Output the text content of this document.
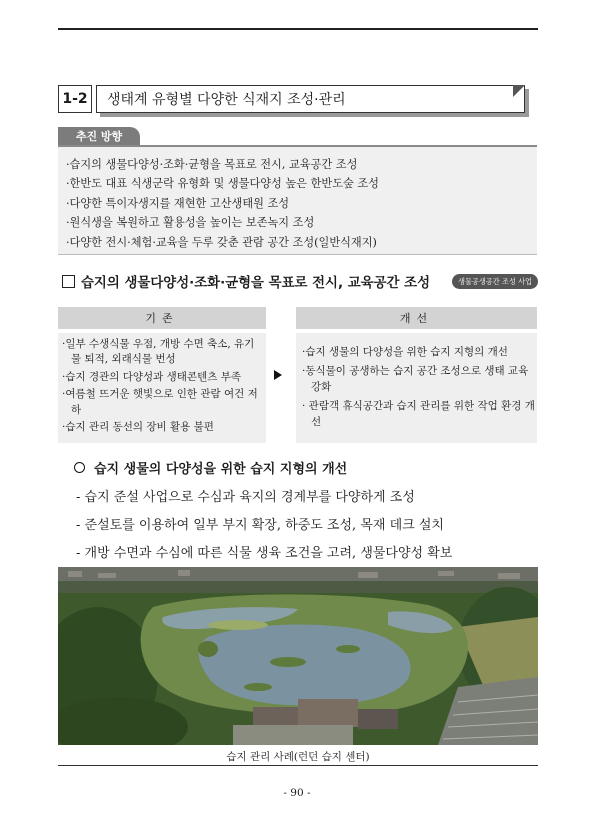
1-2	생태계 유형별 다양한 식재지 조성·관리
추진 방향
·습지의 생물다양성·조화·균형을 목표로 전시, 교육공간 조성
·한반도 대표 식생군락 유형화 및 생물다양성 높은 한반도숲 조성
·다양한 특이자생지를 재현한 고산생태원 조성
·원식생을 복원하고 활용성을 높이는 보존녹지 조성
·다양한 전시·체험·교육을 두루 갖춘 관람 공간 조성(일반식재지)
습지의 생물다양성·조화·균형을 목표로 전시, 교육공간 조성	생물공생공간 조성 사업
기존	개선
·일부 수생식물 우점, 개방 수면 축소, 유기물 퇴적, 외래식물 번성
·습지 경관의 다양성과 생태콘텐츠 부족
·여름철 뜨거운 햇빛으로 인한 관람 여건 저하
·습지 관리 동선의 장비 활용 불편
·습지 생물의 다양성을 위한 습지 지형의 개선
·동식물이 공생하는 습지 공간 조성으로 생태 교육 강화
· 관람객 휴식공간과 습지 관리를 위한 작업 환경 개선
습지 생물의 다양성을 위한 습지 지형의 개선
- 습지 준설 사업으로 수심과 육지의 경계부를 다양하게 조성
- 준설토를 이용하여 일부 부지 확장, 하중도 조성, 목재 데크 설치
- 개방 수면과 수심에 따른 식물 생육 조건을 고려, 생물다양성 확보
습지 관리 사례(런던 습지 센터)
- 90 -
